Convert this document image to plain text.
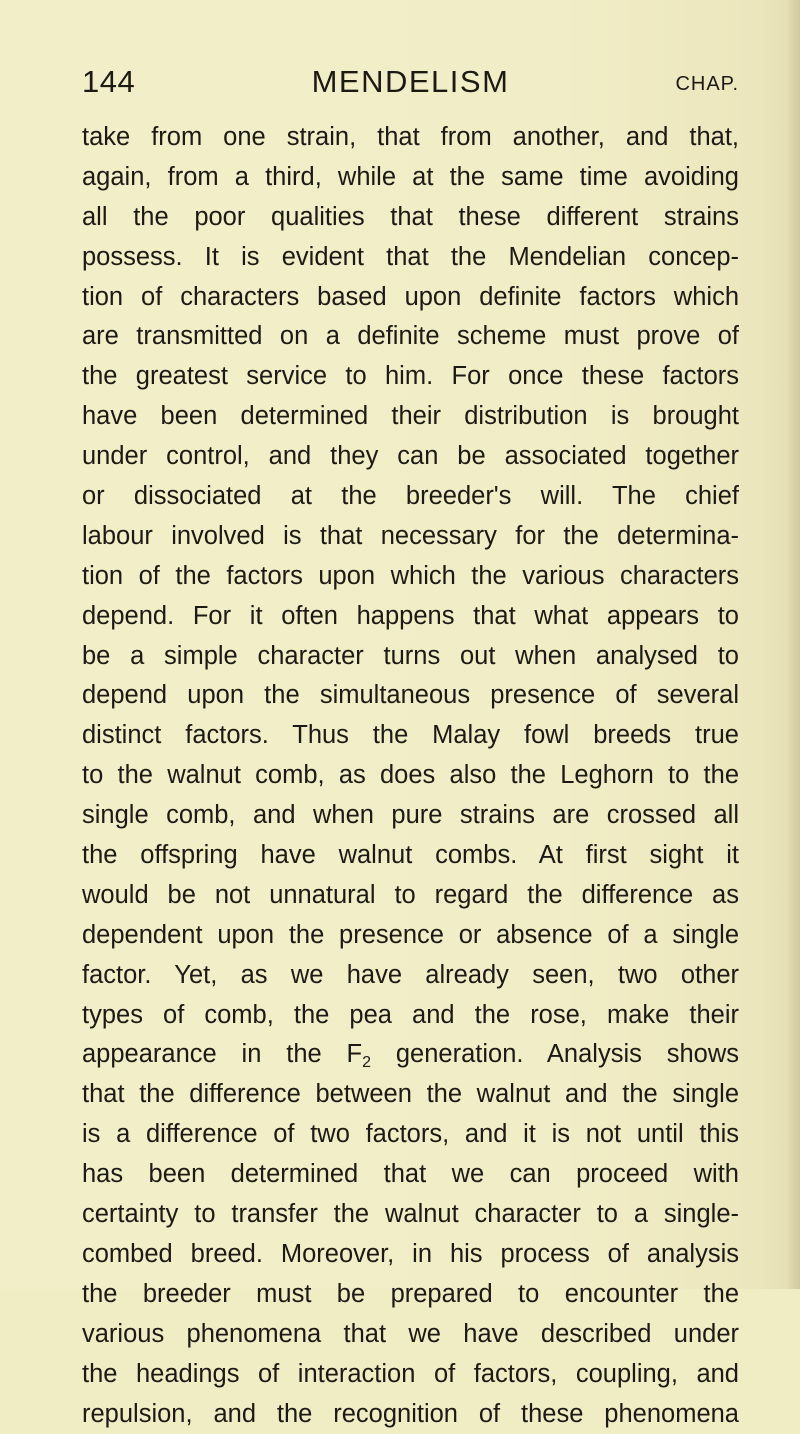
144	MENDELISM	CHAP.
take from one strain, that from another, and that,
again, from a third, while at the same time avoiding
all the poor qualities that these different strains
possess. It is evident that the Mendelian concep-
tion of characters based upon definite factors which
are transmitted on a definite scheme must prove of
the greatest service to him. For once these factors
have been determined their distribution is brought
under control, and they can be associated together
or dissociated at the breeder's will. The chief
labour involved is that necessary for the determina-
tion of the factors upon which the various characters
depend. For it often happens that what appears to
be a simple character turns out when analysed to
depend upon the simultaneous presence of several
distinct factors. Thus the Malay fowl breeds true
to the walnut comb, as does also the Leghorn to the
single comb, and when pure strains are crossed all
the offspring have walnut combs. At first sight it
would be not unnatural to regard the difference as
dependent upon the presence or absence of a single
factor. Yet, as we have already seen, two other
types of comb, the pea and the rose, make their
appearance in the $F_2$ generation. Analysis shows
that the difference between the walnut and the single
is a difference of two factors, and it is not until this
has been determined that we can proceed with
certainty to transfer the walnut character to a single-
combed breed. Moreover, in his process of analysis
the breeder must be prepared to encounter the
various phenomena that we have described under
the headings of interaction of factors, coupling, and
repulsion, and the recognition of these phenomena
